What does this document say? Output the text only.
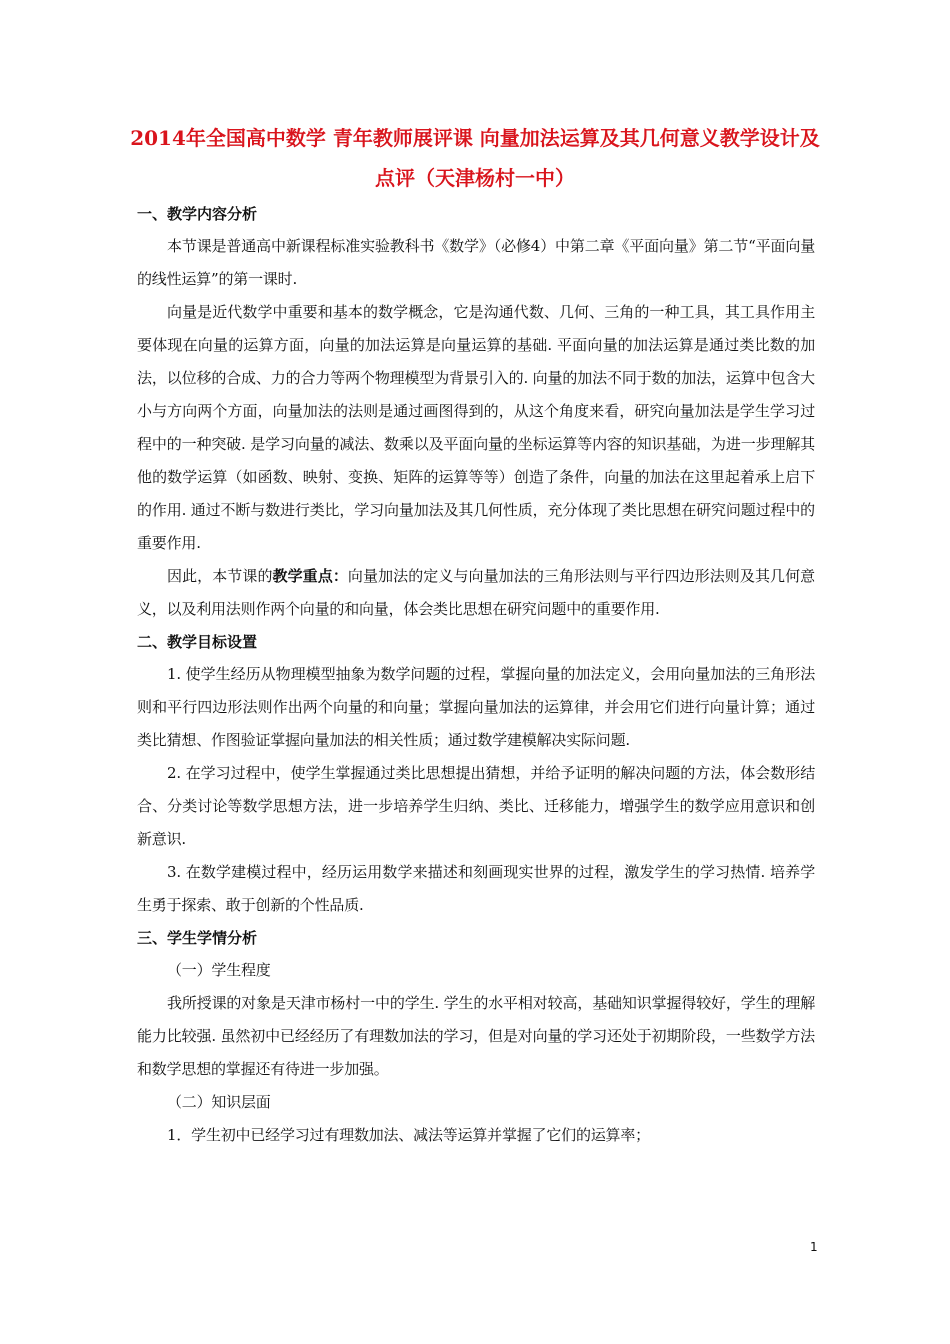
2014年全国高中数学 青年教师展评课 向量加法运算及其几何意义教学设计及点评（天津杨村一中）
一、教学内容分析

本节课是普通高中新课程标准实验教科书《数学》（必修4）中第二章《平面向量》第二节“平面向量的线性运算”的第一课时.

向量是近代数学中重要和基本的数学概念，它是沟通代数、几何、三角的一种工具，其工具作用主要体现在向量的运算方面，向量的加法运算是向量运算的基础. 平面向量的加法运算是通过类比数的加法，以位移的合成、力的合力等两个物理模型为背景引入的. 向量的加法不同于数的加法，运算中包含大小与方向两个方面，向量加法的法则是通过画图得到的，从这个角度来看，研究向量加法是学生学习过程中的一种突破. 是学习向量的减法、数乘以及平面向量的坐标运算等内容的知识基础，为进一步理解其他的数学运算（如函数、映射、变换、矩阵的运算等等）创造了条件，向量的加法在这里起着承上启下的作用. 通过不断与数进行类比，学习向量加法及其几何性质，充分体现了类比思想在研究问题过程中的重要作用.

因此，本节课的教学重点：向量加法的定义与向量加法的三角形法则与平行四边形法则及其几何意义，以及利用法则作两个向量的和向量，体会类比思想在研究问题中的重要作用.

二、教学目标设置

1. 使学生经历从物理模型抽象为数学问题的过程，掌握向量的加法定义，会用向量加法的三角形法则和平行四边形法则作出两个向量的和向量；掌握向量加法的运算律，并会用它们进行向量计算；通过类比猜想、作图验证掌握向量加法的相关性质；通过数学建模解决实际问题.

2. 在学习过程中，使学生掌握通过类比思想提出猜想，并给予证明的解决问题的方法，体会数形结合、分类讨论等数学思想方法，进一步培养学生归纳、类比、迁移能力，增强学生的数学应用意识和创新意识.

3. 在数学建模过程中，经历运用数学来描述和刻画现实世界的过程，激发学生的学习热情. 培养学生勇于探索、敢于创新的个性品质.

三、学生学情分析

（一）学生程度

我所授课的对象是天津市杨村一中的学生. 学生的水平相对较高，基础知识掌握得较好，学生的理解能力比较强. 虽然初中已经经历了有理数加法的学习，但是对向量的学习还处于初期阶段，一些数学方法和数学思想的掌握还有待进一步加强。

（二）知识层面

1．学生初中已经学习过有理数加法、减法等运算并掌握了它们的运算率；

1
